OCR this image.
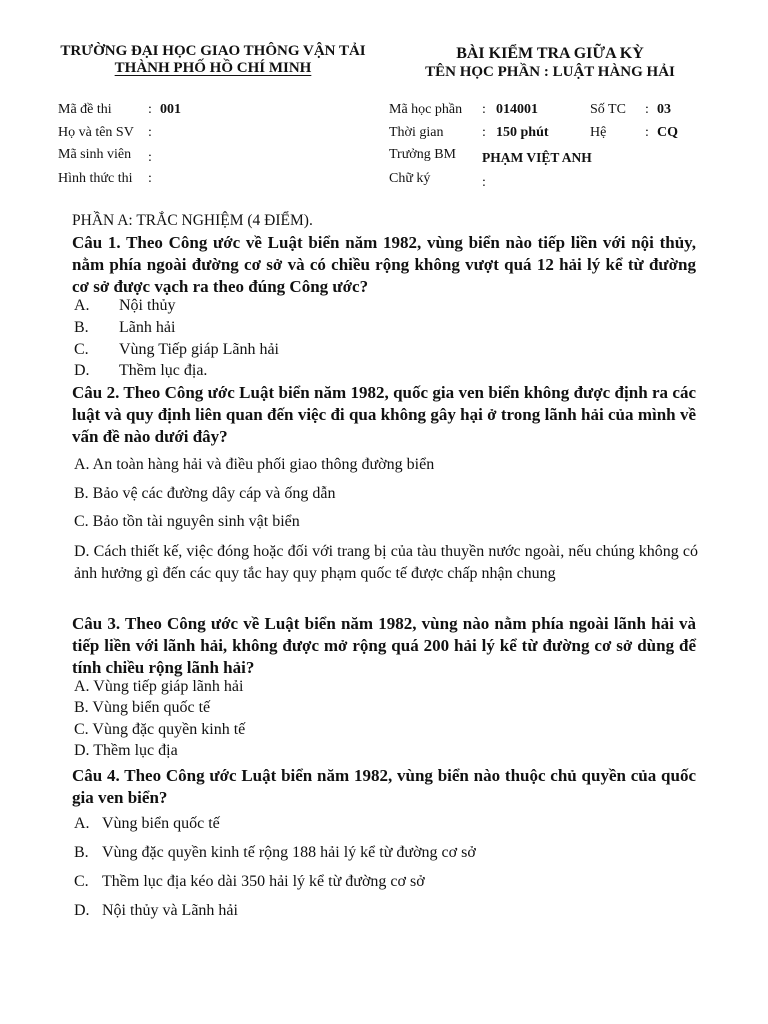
TRƯỜNG ĐẠI HỌC GIAO THÔNG VẬN TẢI
THÀNH PHỐ HỒ CHÍ MINH
BÀI KIỂM TRA GIỮA KỲ
TÊN HỌC PHẦN : LUẬT HÀNG HẢI
Mã đề thi	: 001
Họ và tên SV :
Mã sinh viên :
Hình thức thi :
Mã học phần : 014001	Số TC : 03
Thời gian	: 150 phút	Hệ	: CQ
Trưởng BM PHẠM VIỆT ANH
Chữ ký	:
PHẦN A: TRẮC NGHIỆM (4 ĐIỂM).
Câu 1. Theo Công ước về Luật biển năm 1982, vùng biển nào tiếp liền với nội thủy, nằm phía ngoài đường cơ sở và có chiều rộng không vượt quá 12 hải lý kể từ đường cơ sở được vạch ra theo đúng Công ước?
A. Nội thủy
B. Lãnh hải
C. Vùng Tiếp giáp Lãnh hải
D. Thềm lục địa.
Câu 2. Theo Công ước Luật biển năm 1982, quốc gia ven biển không được định ra các luật và quy định liên quan đến việc đi qua không gây hại ở trong lãnh hải của mình về vấn đề nào dưới đây?
A. An toàn hàng hải và điều phối giao thông đường biển
B. Bảo vệ các đường dây cáp và ống dẫn
C. Bảo tồn tài nguyên sinh vật biển
D. Cách thiết kế, việc đóng hoặc đối với trang bị của tàu thuyền nước ngoài, nếu chúng không có ảnh hưởng gì đến các quy tắc hay quy phạm quốc tế được chấp nhận chung
Câu 3. Theo Công ước về Luật biển năm 1982, vùng nào nằm phía ngoài lãnh hải và tiếp liền với lãnh hải, không được mở rộng quá 200 hải lý kể từ đường cơ sở dùng để tính chiều rộng lãnh hải?
A. Vùng tiếp giáp lãnh hải
B. Vùng biển quốc tế
C. Vùng đặc quyền kinh tế
D. Thềm lục địa
Câu 4. Theo Công ước Luật biển năm 1982, vùng biển nào thuộc chủ quyền của quốc gia ven biển?
A. Vùng biển quốc tế
B. Vùng đặc quyền kinh tế rộng 188 hải lý kể từ đường cơ sở
C. Thềm lục địa kéo dài 350 hải lý kể từ đường cơ sở
D. Nội thủy và Lãnh hải
